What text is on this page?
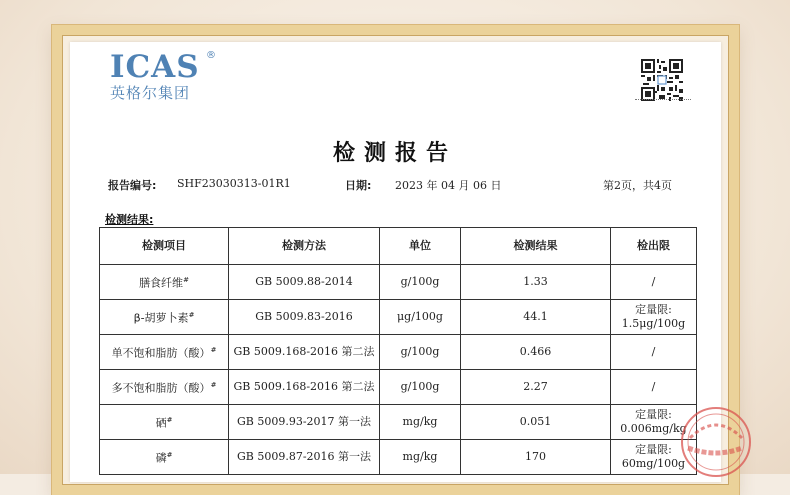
ICAS ®
英格尔集团
检测报告
报告编号: SHF23030313-01R1	日期: 2023 年 04 月 06 日	第2页，共4页
检测结果:
检测项目	检测方法	单位	检测结果	检出限
膳食纤维#	GB 5009.88-2014	g/100g	1.33	/
β-胡萝卜素#	GB 5009.83-2016	μg/100g	44.1	定量限:
1.5μg/100g
单不饱和脂肪（酸）#	GB 5009.168-2016 第二法	g/100g	0.466	/
多不饱和脂肪（酸）#	GB 5009.168-2016 第二法	g/100g	2.27	/
硒#	GB 5009.93-2017 第一法	mg/kg	0.051	定量限:
0.006mg/kg
磷#	GB 5009.87-2016 第一法	mg/kg	170	定量限:
60mg/100g
